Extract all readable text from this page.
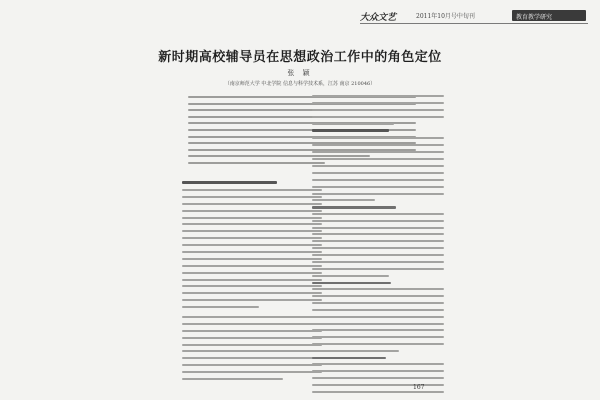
大众文艺	2011年10月号中旬刊	教育教学研究
新时期高校辅导员在思想政治工作中的角色定位
张 颖
（南京师范大学 中北学院 信息与科学技术系，江苏 南京 210046）
167
